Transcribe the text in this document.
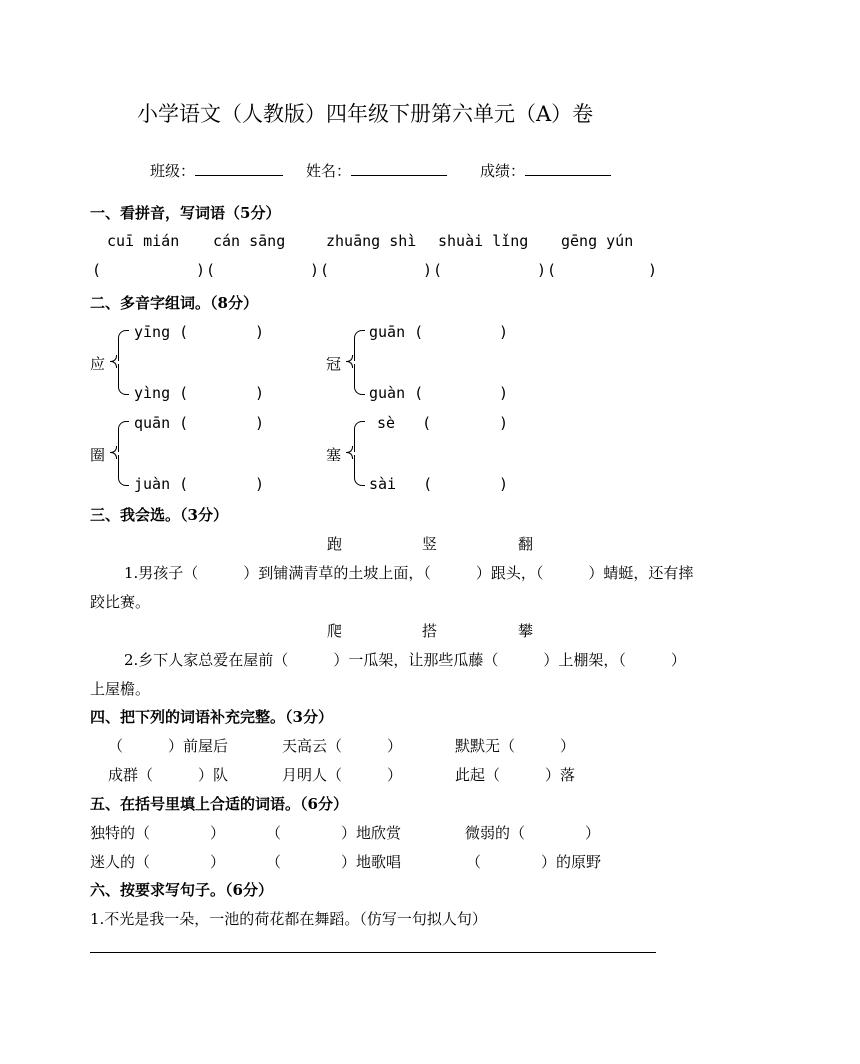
小学语文（人教版）四年级下册第六单元（A）卷
班级：	姓名：	成绩：
一、看拼音，写词语（5分）
cuī mián cán sāng	zhuāng shì shuài lǐng gēng yún
(	) (	) (	) (	) (	)
二、多音字组词。（8分）
应
yīng (	)
yìng (	)
冠
guān (	)
guàn (	)
圈
quān (	)
juàn (	)
塞
sè (	)
sài (	)
三、我会选。（3分）
跑	竖	翻
1.男孩子（　　　）到铺满青草的土坡上面，（　　　）跟头，（　　　）蜻蜓，还有摔
跤比赛。
爬	搭	攀
2.乡下人家总爱在屋前（　　　）一瓜架，让那些瓜藤（　　　）上棚架，（　　　）
上屋檐。
四、把下列的词语补充完整。（3分）
（　　　）前屋后	天高云（　　　）	默默无（　　　）
成群（　　　）队	月明人（　　　）	此起（　　　）落
五、在括号里填上合适的词语。（6分）
独特的（　　　　）	（　　　　）地欣赏	微弱的（　　　　）
迷人的（　　　　）	（　　　　）地歌唱	（　　　　）的原野
六、按要求写句子。（6分）
1.不光是我一朵，一池的荷花都在舞蹈。（仿写一句拟人句）
